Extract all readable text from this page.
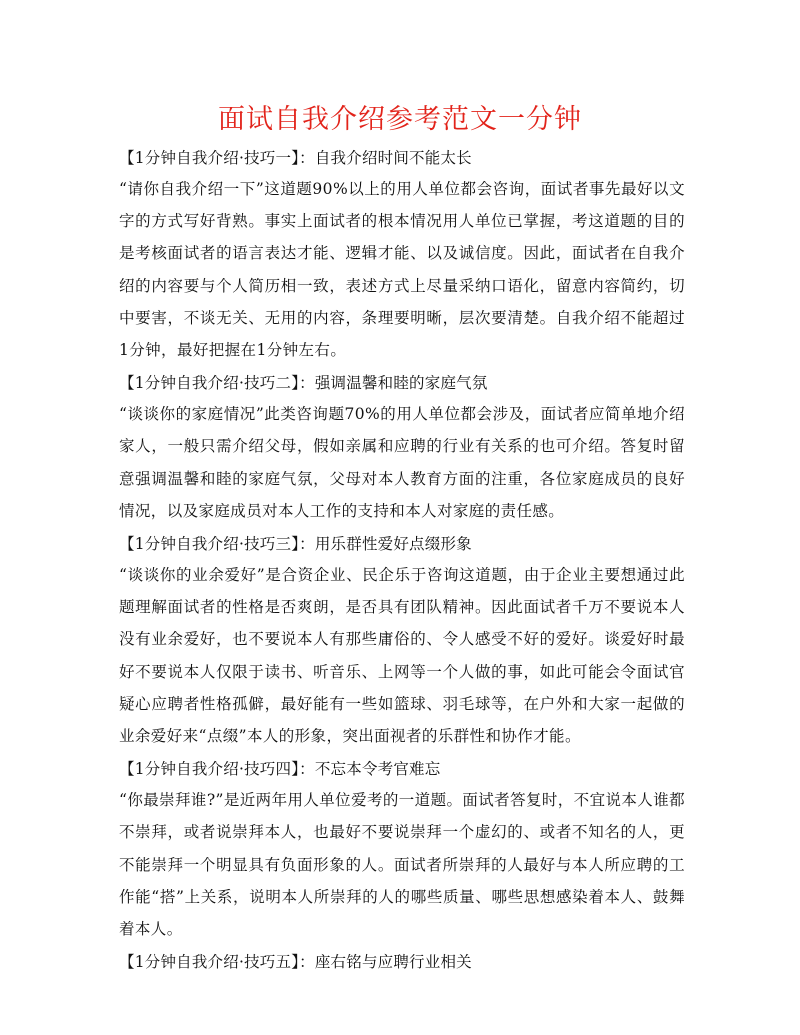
面试自我介绍参考范文一分钟

【1分钟自我介绍·技巧一】：自我介绍时间不能太长

“请你自我介绍一下”这道题90%以上的用人单位都会咨询，面试者事先最好以文字的方式写好背熟。事实上面试者的根本情况用人单位已掌握，考这道题的目的是考核面试者的语言表达才能、逻辑才能、以及诚信度。因此，面试者在自我介绍的内容要与个人简历相一致，表述方式上尽量采纳口语化，留意内容简约，切中要害，不谈无关、无用的内容，条理要明晰，层次要清楚。自我介绍不能超过1分钟，最好把握在1分钟左右。

【1分钟自我介绍·技巧二】：强调温馨和睦的家庭气氛

“谈谈你的家庭情况”此类咨询题70%的用人单位都会涉及，面试者应简单地介绍家人，一般只需介绍父母，假如亲属和应聘的行业有关系的也可介绍。答复时留意强调温馨和睦的家庭气氛，父母对本人教育方面的注重，各位家庭成员的良好情况，以及家庭成员对本人工作的支持和本人对家庭的责任感。

【1分钟自我介绍·技巧三】：用乐群性爱好点缀形象

“谈谈你的业余爱好”是合资企业、民企乐于咨询这道题，由于企业主要想通过此题理解面试者的性格是否爽朗，是否具有团队精神。因此面试者千万不要说本人没有业余爱好，也不要说本人有那些庸俗的、令人感受不好的爱好。谈爱好时最好不要说本人仅限于读书、听音乐、上网等一个人做的事，如此可能会令面试官疑心应聘者性格孤僻，最好能有一些如篮球、羽毛球等，在户外和大家一起做的业余爱好来“点缀”本人的形象，突出面视者的乐群性和协作才能。

【1分钟自我介绍·技巧四】：不忘本令考官难忘

“你最崇拜谁?”是近两年用人单位爱考的一道题。面试者答复时，不宜说本人谁都不崇拜，或者说崇拜本人，也最好不要说崇拜一个虚幻的、或者不知名的人，更不能崇拜一个明显具有负面形象的人。面试者所崇拜的人最好与本人所应聘的工作能“搭”上关系，说明本人所崇拜的人的哪些质量、哪些思想感染着本人、鼓舞着本人。

【1分钟自我介绍·技巧五】：座右铭与应聘行业相关
